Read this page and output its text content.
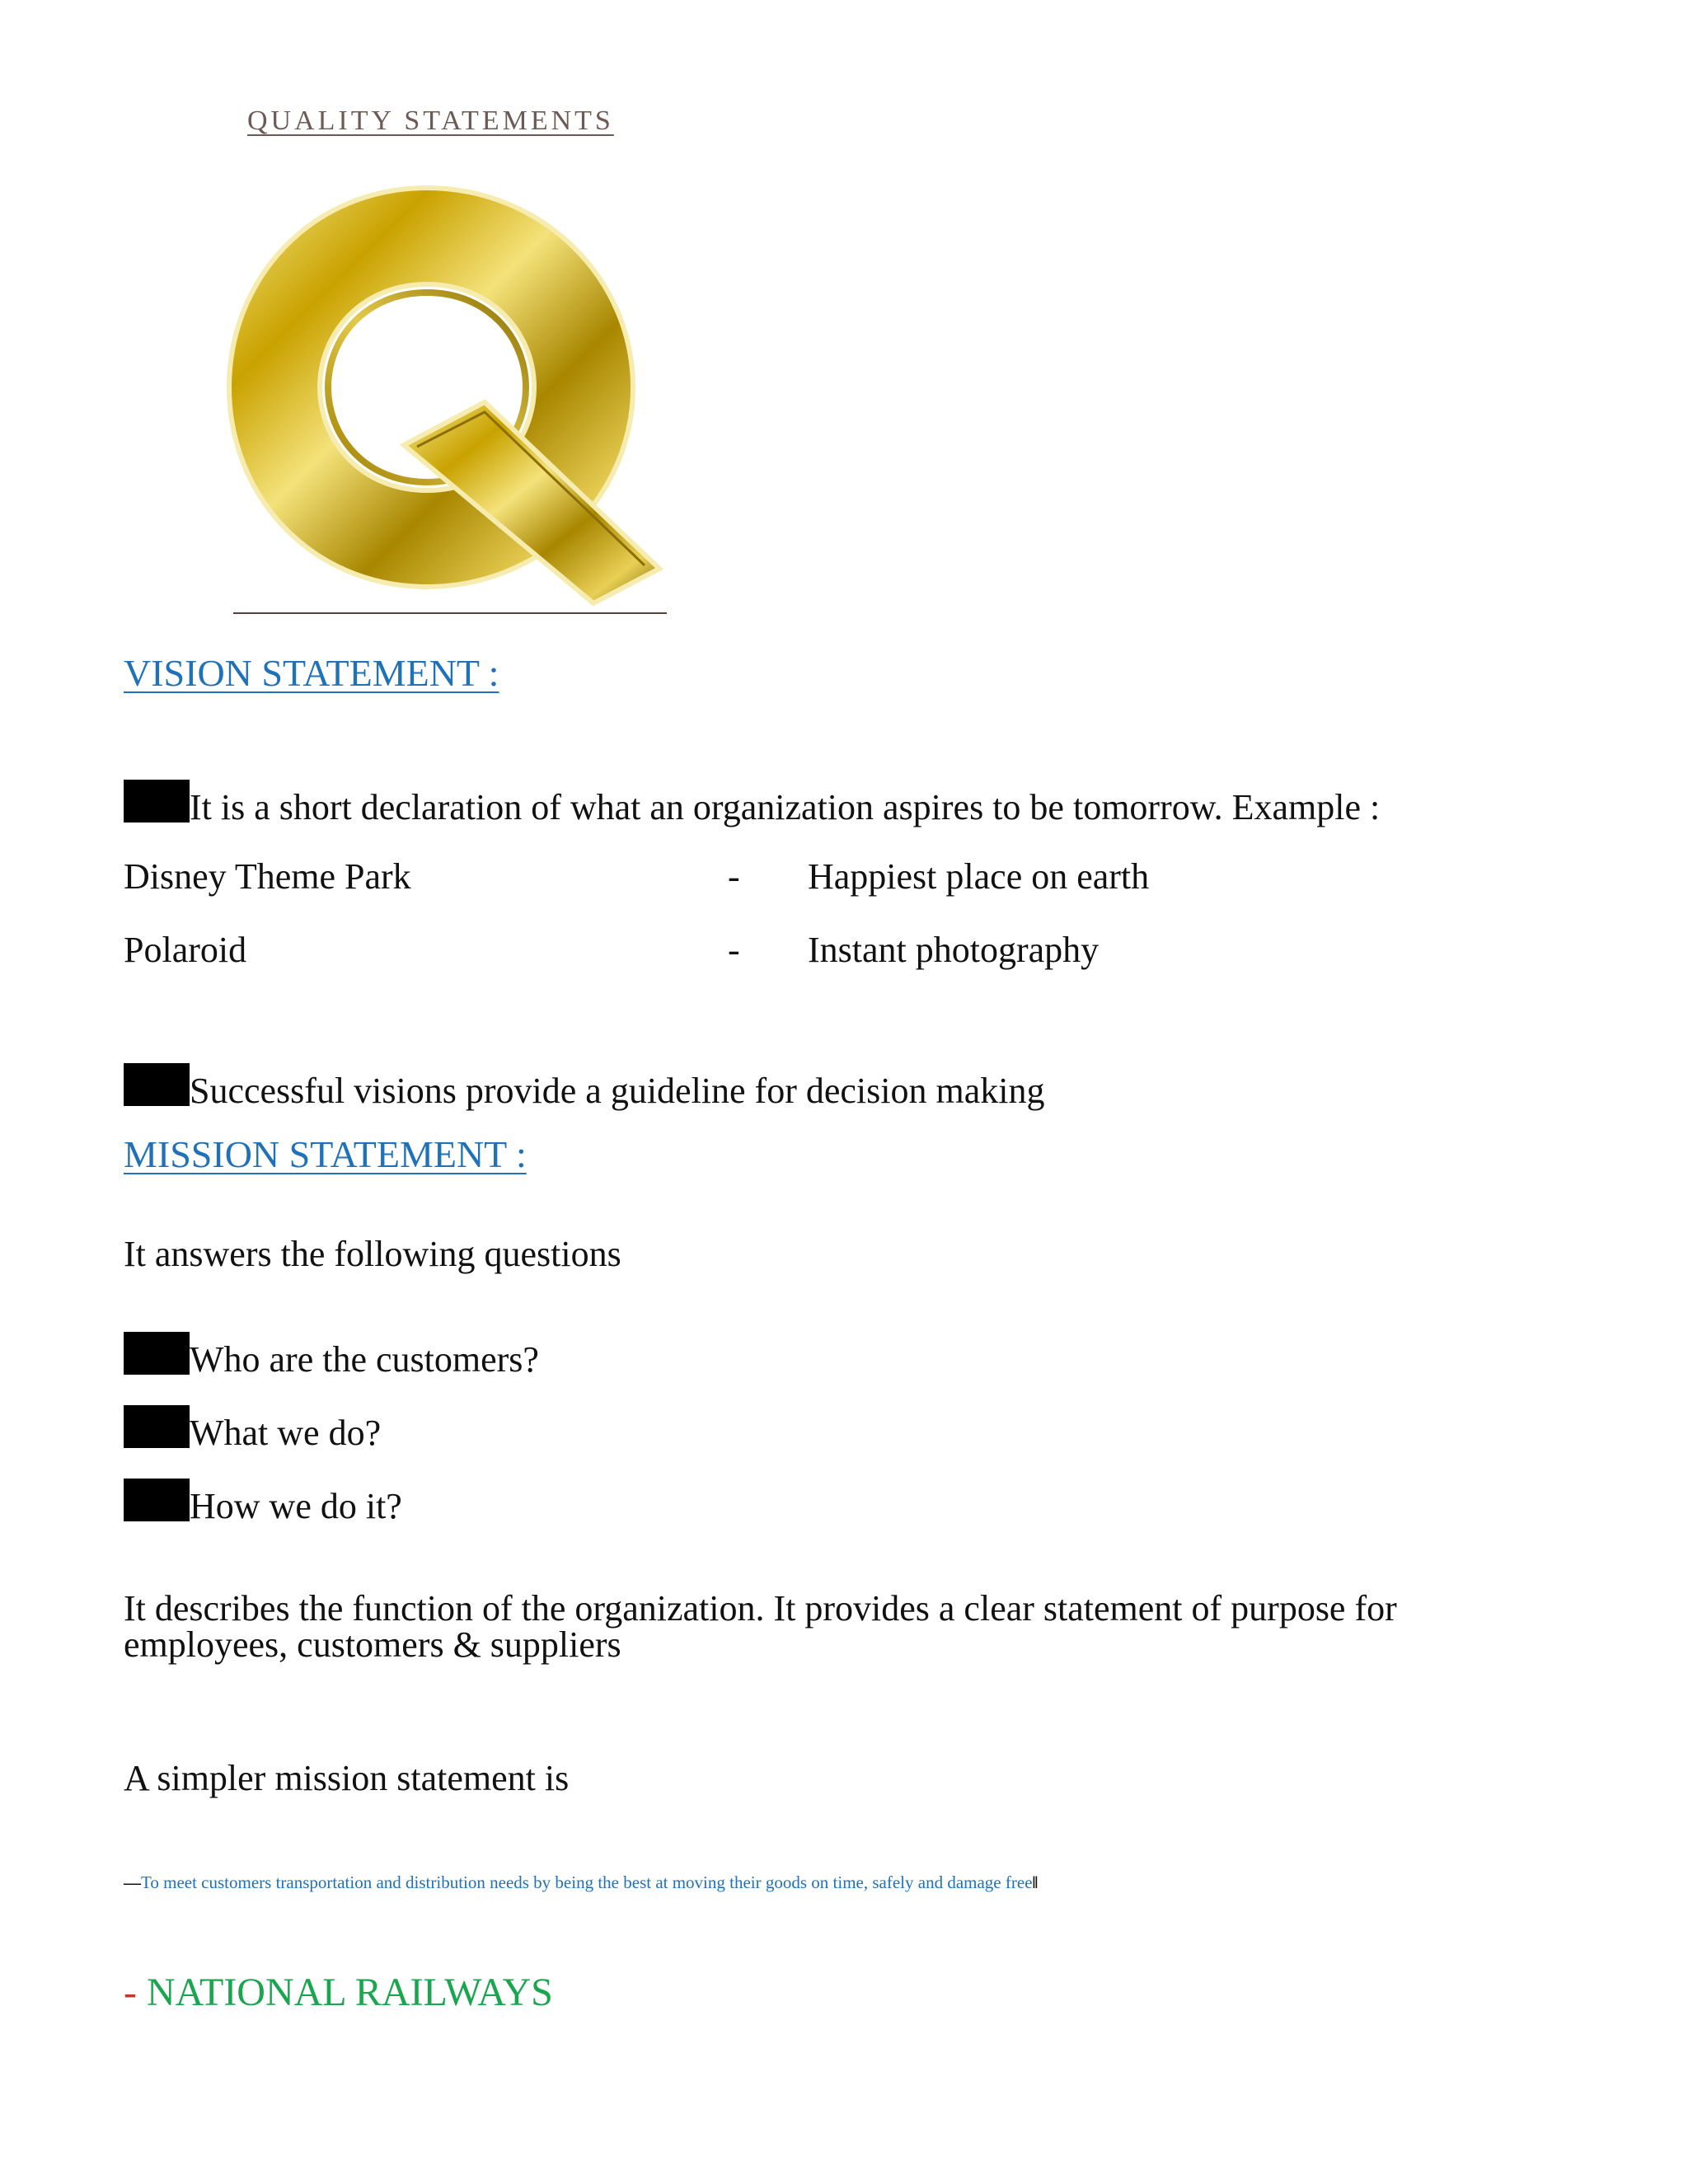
QUALITY STATEMENTS
VISION STATEMENT :
It is a short declaration of what an organization aspires to be tomorrow. Example :
Disney Theme Park	- Happiest place on earth
Polaroid	- Instant photography
Successful visions provide a guideline for decision making
MISSION STATEMENT :
It answers the following questions
Who are the customers?
What we do?
How we do it?
It describes the function of the organization. It provides a clear statement of purpose for
employees, customers & suppliers
A simpler mission statement is
—To meet customers transportation and distribution needs by being the best at moving their goods on time, safely and damage free‖
- NATIONAL RAILWAYS
